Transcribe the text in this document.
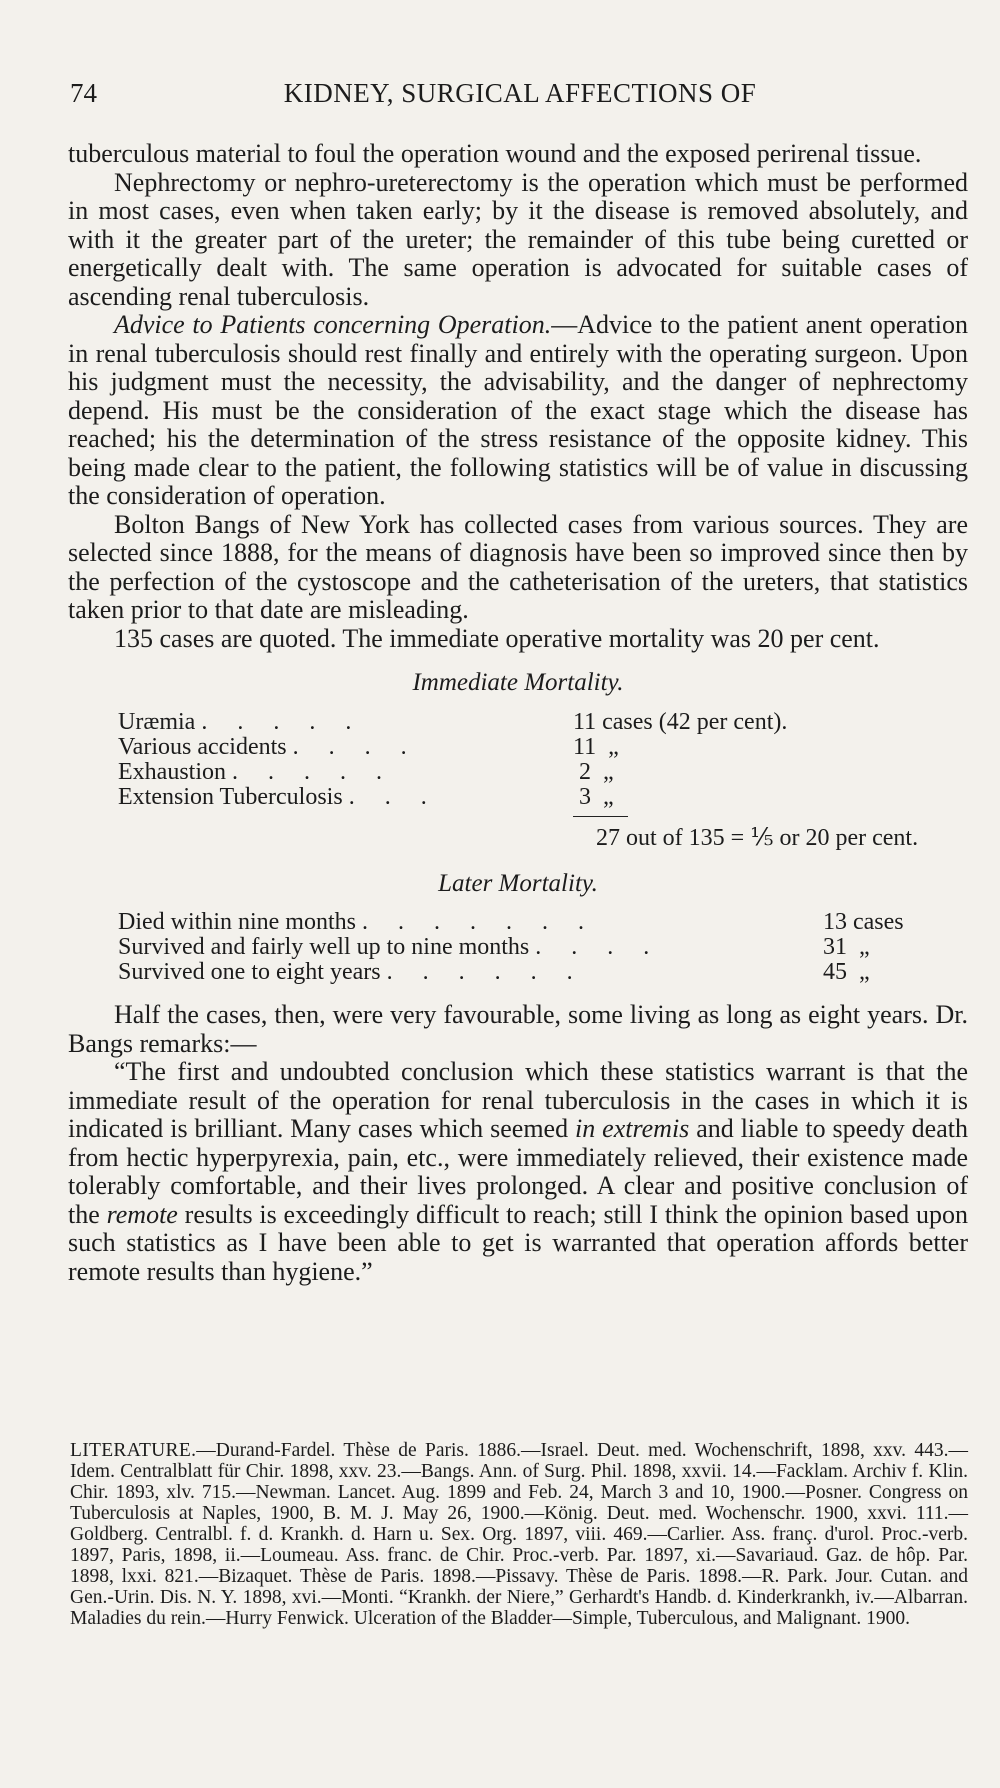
74	KIDNEY, SURGICAL AFFECTIONS OF

tuberculous material to foul the operation wound and the exposed perirenal tissue.

Nephrectomy or nephro-ureterectomy is the operation which must be performed in most cases, even when taken early; by it the disease is removed absolutely, and with it the greater part of the ureter; the remainder of this tube being curetted or energetically dealt with. The same operation is advocated for suitable cases of ascending renal tuberculosis.

Advice to Patients concerning Operation.—Advice to the patient anent operation in renal tuberculosis should rest finally and entirely with the operating surgeon. Upon his judgment must the necessity, the advisability, and the danger of nephrectomy depend. His must be the consideration of the exact stage which the disease has reached; his the determination of the stress resistance of the opposite kidney. This being made clear to the patient, the following statistics will be of value in discussing the consideration of operation.

Bolton Bangs of New York has collected cases from various sources. They are selected since 1888, for the means of diagnosis have been so improved since then by the perfection of the cystoscope and the catheterisation of the ureters, that statistics taken prior to that date are misleading.

135 cases are quoted. The immediate operative mortality was 20 per cent.

Immediate Mortality.
Uræmia .     .     .     .     .	11 cases (42 per cent).
Various accidents .     .     .     .	11  „
Exhaustion .     .     .     .     .	2  „
Extension Tuberculosis .     .     .	3  „
27 out of 135 = ⅕ or 20 per cent.
Later Mortality.
Died within nine months .     .     .     .     .     .     .	13 cases
Survived and fairly well up to nine months .     .     .     .	31  „
Survived one to eight years .     .     .     .     .     .	45  „

Half the cases, then, were very favourable, some living as long as eight years. Dr. Bangs remarks:—

“The first and undoubted conclusion which these statistics warrant is that the immediate result of the operation for renal tuberculosis in the cases in which it is indicated is brilliant. Many cases which seemed in extremis and liable to speedy death from hectic hyperpyrexia, pain, etc., were immediately relieved, their existence made tolerably comfortable, and their lives prolonged. A clear and positive conclusion of the remote results is exceedingly difficult to reach; still I think the opinion based upon such statistics as I have been able to get is warranted that operation affords better remote results than hygiene.”

LITERATURE.—Durand-Fardel. Thèse de Paris. 1886.—Israel. Deut. med. Wochenschrift, 1898, xxv. 443.—Idem. Centralblatt für Chir. 1898, xxv. 23.—Bangs. Ann. of Surg. Phil. 1898, xxvii. 14.—Facklam. Archiv f. Klin. Chir. 1893, xlv. 715.—Newman. Lancet. Aug. 1899 and Feb. 24, March 3 and 10, 1900.—Posner. Congress on Tuberculosis at Naples, 1900, B. M. J. May 26, 1900.—König. Deut. med. Wochenschr. 1900, xxvi. 111.—Goldberg. Centralbl. f. d. Krankh. d. Harn u. Sex. Org. 1897, viii. 469.—Carlier. Ass. franç. d'urol. Proc.-verb. 1897, Paris, 1898, ii.—Loumeau. Ass. franc. de Chir. Proc.-verb. Par. 1897, xi.—Savariaud. Gaz. de hôp. Par. 1898, lxxi. 821.—Bizaquet. Thèse de Paris. 1898.—Pissavy. Thèse de Paris. 1898.—R. Park. Jour. Cutan. and Gen.-Urin. Dis. N. Y. 1898, xvi.—Monti. “Krankh. der Niere,” Gerhardt's Handb. d. Kinderkrankh, iv.—Albarran. Maladies du rein.—Hurry Fenwick. Ulceration of the Bladder—Simple, Tuberculous, and Malignant. 1900.
